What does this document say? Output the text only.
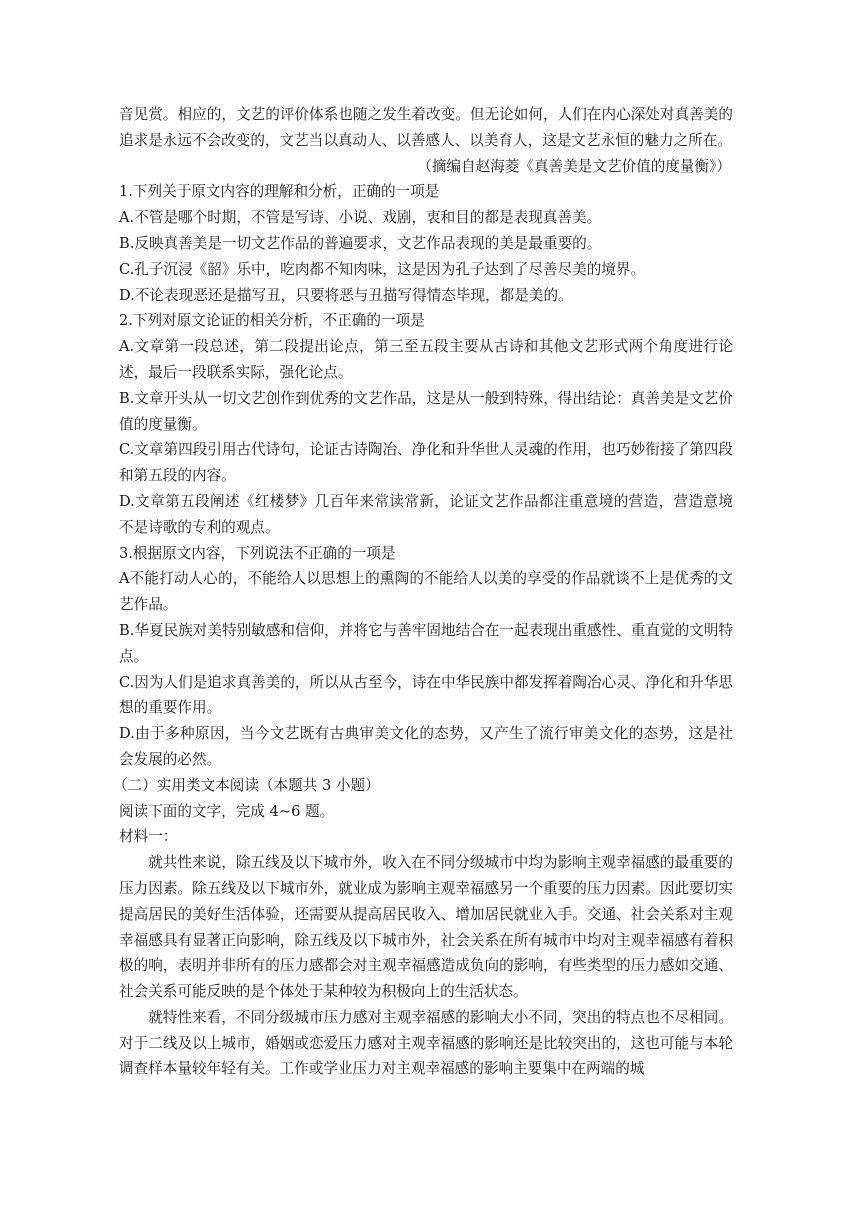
音见赏。相应的，文艺的评价体系也随之发生着改变。但无论如何，人们在内心深处对真善美的追求是永远不会改变的，文艺当以真动人、以善感人、以美育人，这是文艺永恒的魅力之所在。

（摘编自赵海菱《真善美是文艺价值的度量衡》）

1.下列关于原文内容的理解和分析，正确的一项是

A.不管是哪个时期，不管是写诗、小说、戏剧，衷和目的都是表现真善美。

B.反映真善美是一切文艺作品的普遍要求，文艺作品表现的美是最重要的。

C.孔子沉浸《韶》乐中，吃肉都不知肉味，这是因为孔子达到了尽善尽美的境界。

D.不论表现恶还是描写丑，只要将恶与丑描写得情态毕现，都是美的。

2.下列对原文论证的相关分析，不正确的一项是

A.文章第一段总述，第二段提出论点，第三至五段主要从古诗和其他文艺形式两个角度进行论述，最后一段联系实际，强化论点。

B.文章开头从一切文艺创作到优秀的文艺作品，这是从一般到特殊，得出结论：真善美是文艺价值的度量衡。

C.文章第四段引用古代诗句，论证古诗陶冶、净化和升华世人灵魂的作用，也巧妙衔接了第四段和第五段的内容。

D.文章第五段阐述《红楼梦》几百年来常读常新，论证文艺作品都注重意境的营造，营造意境不是诗歌的专利的观点。

3.根据原文内容，下列说法不正确的一项是

A不能打动人心的，不能给人以思想上的熏陶的不能给人以美的享受的作品就谈不上是优秀的文艺作品。

B.华夏民族对美特别敏感和信仰，并将它与善牢固地结合在一起表现出重感性、重直觉的文明特点。

C.因为人们是追求真善美的，所以从古至今，诗在中华民族中都发挥着陶冶心灵、净化和升华思想的重要作用。

D.由于多种原因，当今文艺既有古典审美文化的态势，又产生了流行审美文化的态势，这是社会发展的必然。

（二）实用类文本阅读（本题共 3 小题）

阅读下面的文字，完成 4~6 题。

材料一：

就共性来说，除五线及以下城市外，收入在不同分级城市中均为影响主观幸福感的最重要的压力因素。除五线及以下城市外，就业成为影响主观幸福感另一个重要的压力因素。因此要切实提高居民的美好生活体验，还需要从提高居民收入、增加居民就业入手。交通、社会关系对主观幸福感具有显著正向影响，除五线及以下城市外，社会关系在所有城市中均对主观幸福感有着积极的响，表明并非所有的压力感都会对主观幸福感造成负向的影响，有些类型的压力感如交通、社会关系可能反映的是个体处于某种较为积极向上的生活状态。

就特性来看，不同分级城市压力感对主观幸福感的影响大小不同，突出的特点也不尽相同。对于二线及以上城市，婚姻或恋爱压力感对主观幸福感的影响还是比较突出的，这也可能与本轮调查样本量较年轻有关。工作或学业压力对主观幸福感的影响主要集中在两端的城
